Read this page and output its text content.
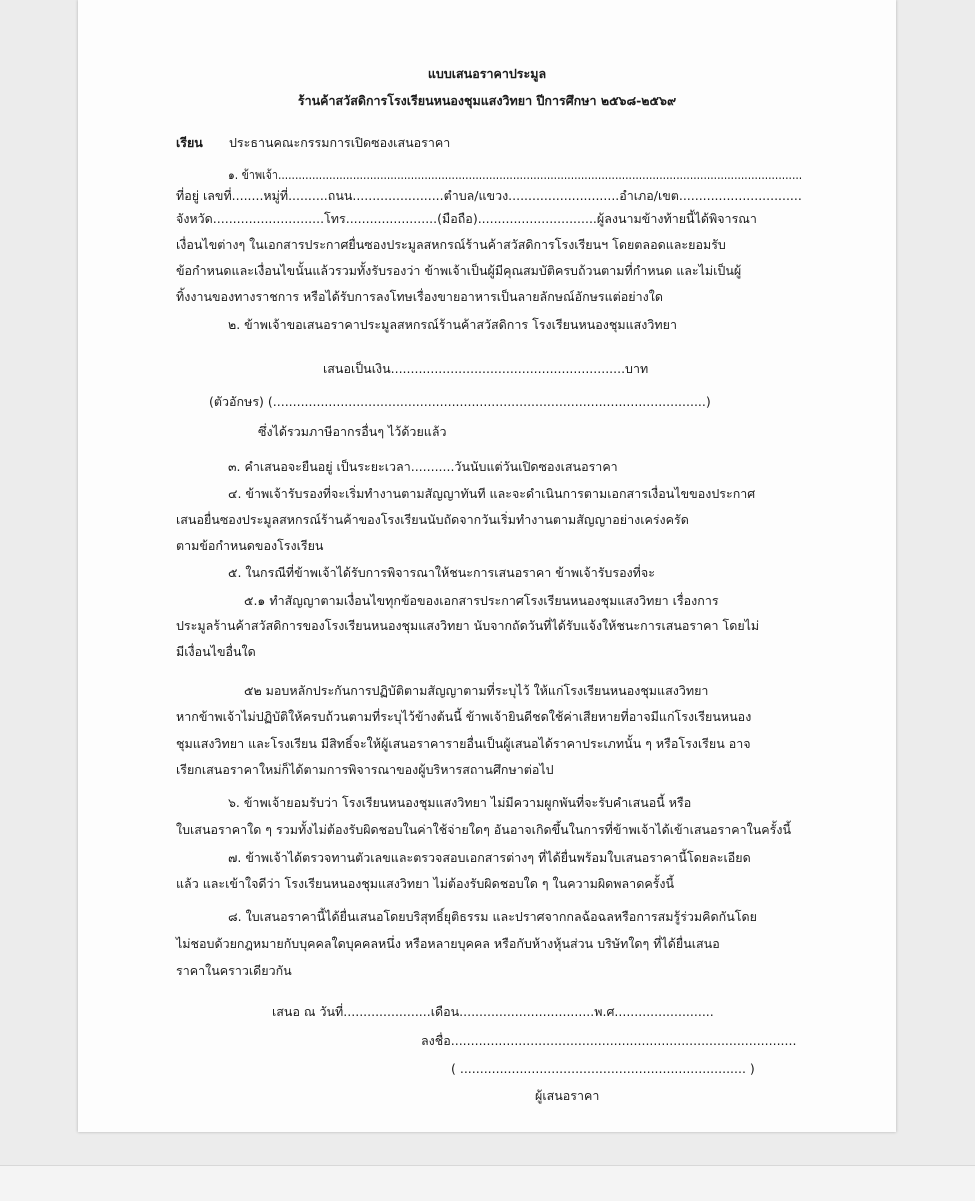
แบบเสนอราคาประมูล
ร้านค้าสวัสดิการโรงเรียนหนองชุมแสงวิทยา ปีการศึกษา ๒๕๖๘-๒๕๖๙
เรียน ประธานคณะกรรมการเปิดซองเสนอราคา
๑. ข้าพเจ้า..........................................................................................................................................................
ที่อยู่ เลขที่........หมู่ที่..........ถนน.......................ตำบล/แขวง............................อำเภอ/เขต...............................
จังหวัด............................โทร.......................(มือถือ)..............................ผู้ลงนามข้างท้ายนี้ได้พิจารณา
เงื่อนไขต่างๆ ในเอกสารประกาศยื่นซองประมูลสหกรณ์ร้านค้าสวัสดิการโรงเรียนฯ โดยตลอดและยอมรับ
ข้อกำหนดและเงื่อนไขนั้นแล้วรวมทั้งรับรองว่า ข้าพเจ้าเป็นผู้มีคุณสมบัติครบถ้วนตามที่กำหนด และไม่เป็นผู้
ทิ้งงานของทางราชการ หรือได้รับการลงโทษเรื่องขายอาหารเป็นลายลักษณ์อักษรแต่อย่างใด
๒. ข้าพเจ้าขอเสนอราคาประมูลสหกรณ์ร้านค้าสวัสดิการ โรงเรียนหนองชุมแสงวิทยา
เสนอเป็นเงิน...........................................................บาท
(ตัวอักษร) (.............................................................................................................)
ซึ่งได้รวมภาษีอากรอื่นๆ ไว้ด้วยแล้ว
๓. คำเสนอจะยืนอยู่ เป็นระยะเวลา...........วันนับแต่วันเปิดซองเสนอราคา
๔. ข้าพเจ้ารับรองที่จะเริ่มทำงานตามสัญญาทันที และจะดำเนินการตามเอกสารเงื่อนไขของประกาศ
เสนอยื่นซองประมูลสหกรณ์ร้านค้าของโรงเรียนนับถัดจากวันเริ่มทำงานตามสัญญาอย่างเคร่งครัด
ตามข้อกำหนดของโรงเรียน
๕. ในกรณีที่ข้าพเจ้าได้รับการพิจารณาให้ชนะการเสนอราคา ข้าพเจ้ารับรองที่จะ
๕.๑ ทำสัญญาตามเงื่อนไขทุกข้อของเอกสารประกาศโรงเรียนหนองชุมแสงวิทยา เรื่องการ
ประมูลร้านค้าสวัสดิการของโรงเรียนหนองชุมแสงวิทยา นับจากถัดวันที่ได้รับแจ้งให้ชนะการเสนอราคา โดยไม่
มีเงื่อนไขอื่นใด
๕๒ มอบหลักประกันการปฏิบัติตามสัญญาตามที่ระบุไว้ ให้แก่โรงเรียนหนองชุมแสงวิทยา
หากข้าพเจ้าไม่ปฏิบัติให้ครบถ้วนตามที่ระบุไว้ข้างต้นนี้ ข้าพเจ้ายินดีชดใช้ค่าเสียหายที่อาจมีแก่โรงเรียนหนอง
ชุมแสงวิทยา และโรงเรียน มีสิทธิ์จะให้ผู้เสนอราคารายอื่นเป็นผู้เสนอได้ราคาประเภทนั้น ๆ หรือโรงเรียน อาจ
เรียกเสนอราคาใหม่ก็ได้ตามการพิจารณาของผู้บริหารสถานศึกษาต่อไป
๖. ข้าพเจ้ายอมรับว่า โรงเรียนหนองชุมแสงวิทยา ไม่มีความผูกพันที่จะรับคำเสนอนี้ หรือ
ใบเสนอราคาใด ๆ รวมทั้งไม่ต้องรับผิดชอบในค่าใช้จ่ายใดๆ อันอาจเกิดขึ้นในการที่ข้าพเจ้าได้เข้าเสนอราคาในครั้งนี้
๗. ข้าพเจ้าได้ตรวจทานตัวเลขและตรวจสอบเอกสารต่างๆ ที่ได้ยื่นพร้อมใบเสนอราคานี้โดยละเอียด
แล้ว และเข้าใจดีว่า โรงเรียนหนองชุมแสงวิทยา ไม่ต้องรับผิดชอบใด ๆ ในความผิดพลาดครั้งนี้
๘. ใบเสนอราคานี้ได้ยื่นเสนอโดยบริสุทธิ์ยุติธรรม และปราศจากกลฉ้อฉลหรือการสมรู้ร่วมคิดกันโดย
ไม่ชอบด้วยกฎหมายกับบุคคลใดบุคคลหนึ่ง หรือหลายบุคคล หรือกับห้างหุ้นส่วน บริษัทใดๆ ที่ได้ยื่นเสนอ
ราคาในคราวเดียวกัน
เสนอ ณ วันที่......................เดือน..................................พ.ศ.........................
ลงชื่อ.......................................................................................
( ........................................................................ )
ผู้เสนอราคา
